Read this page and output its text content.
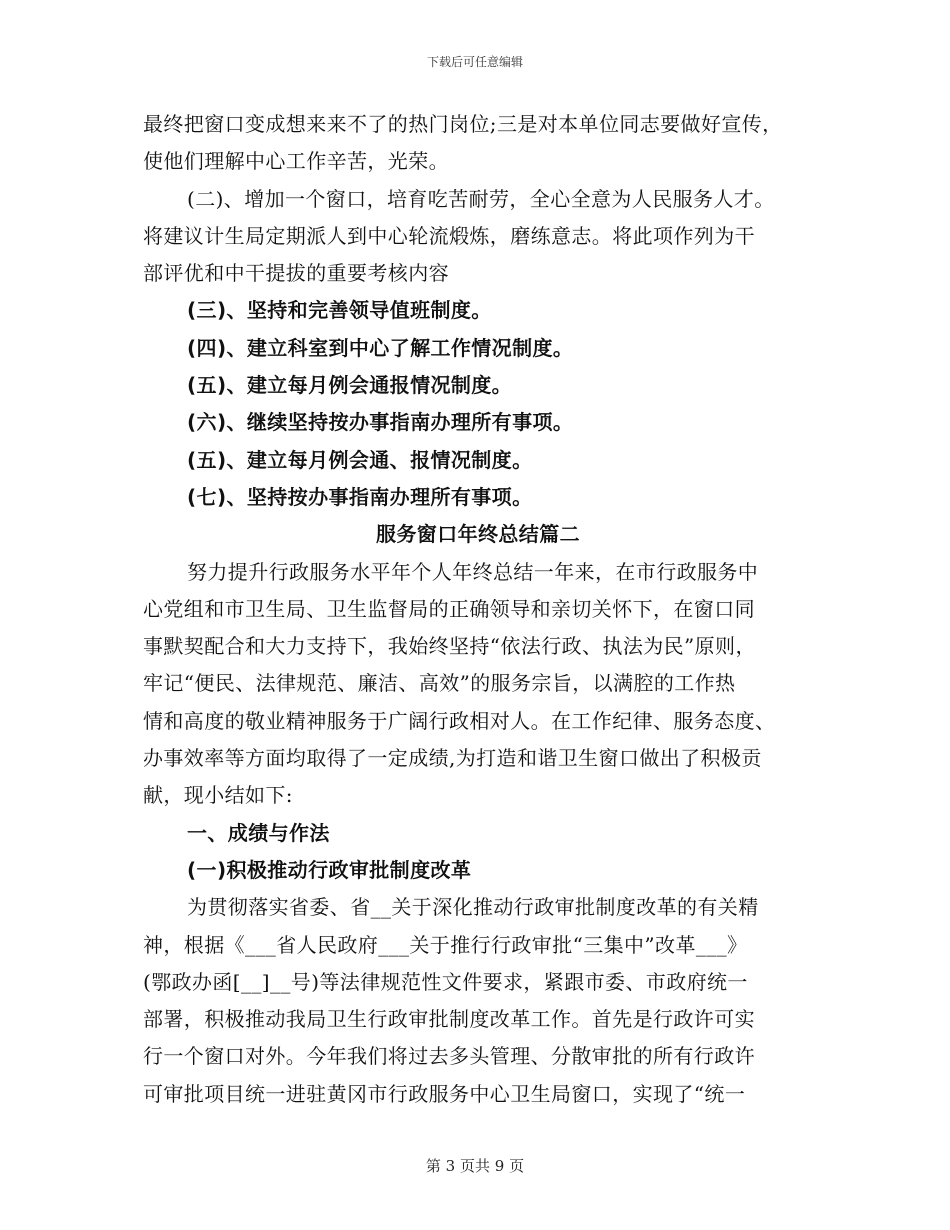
下载后可任意编辑
最终把窗口变成想来来不了的热门岗位;三是对本单位同志要做好宣传，
使他们理解中心工作辛苦，光荣。
(二)、增加一个窗口，培育吃苦耐劳，全心全意为人民服务人才。
将建议计生局定期派人到中心轮流煅炼，磨练意志。将此项作列为干
部评优和中干提拔的重要考核内容
(三)、坚持和完善领导值班制度。
(四)、建立科室到中心了解工作情况制度。
(五)、建立每月例会通报情况制度。
(六)、继续坚持按办事指南办理所有事项。
(五)、建立每月例会通、报情况制度。
(七)、坚持按办事指南办理所有事项。
服务窗口年终总结篇二
努力提升行政服务水平年个人年终总结一年来，在市行政服务中
心党组和市卫生局、卫生监督局的正确领导和亲切关怀下，在窗口同
事默契配合和大力支持下，我始终坚持“依法行政、执法为民”原则，
牢记“便民、法律规范、廉洁、高效”的服务宗旨，以满腔的工作热
情和高度的敬业精神服务于广阔行政相对人。在工作纪律、服务态度、
办事效率等方面均取得了一定成绩,为打造和谐卫生窗口做出了积极贡
献，现小结如下:
一、成绩与作法
(一)积极推动行政审批制度改革
为贯彻落实省委、省__关于深化推动行政审批制度改革的有关精
神，根据《___省人民政府___关于推行行政审批“三集中”改革___》
(鄂政办函[__]__号)等法律规范性文件要求，紧跟市委、市政府统一
部署，积极推动我局卫生行政审批制度改革工作。首先是行政许可实
行一个窗口对外。今年我们将过去多头管理、分散审批的所有行政许
可审批项目统一进驻黄冈市行政服务中心卫生局窗口，实现了“统一
第 3 页共 9 页
